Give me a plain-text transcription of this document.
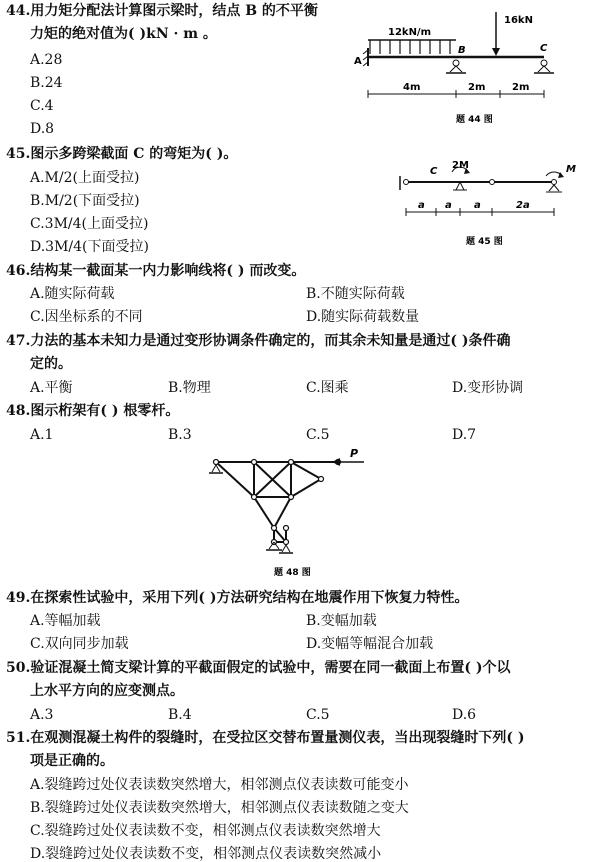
44.用力矩分配法计算图示梁时，结点 B 的不平衡
力矩的绝对值为( )kN · m 。
A.28
B.24
C.4
D.8
12kN/m
16kN
A
B	C
4m	2m	2m
题 44 图
45.图示多跨梁截面 C 的弯矩为( )。
A.M/2(上面受拉)
B.M/2(下面受拉)
C.3M/4(上面受拉)
D.3M/4(下面受拉)
C
2M	M
a a a	2a
题 45 图
46.结构某一截面某一内力影响线将( ) 而改变。
A.随实际荷载	B.不随实际荷载
C.因坐标系的不同	D.随实际荷载数量
47.力法的基本未知力是通过变形协调条件确定的，而其余未知量是通过( )条件确
定的。
A.平衡	B.物理	C.图乘	D.变形协调
48.图示桁架有( ) 根零杆。
A.1	B.3	C.5	D.7
P
题 48 图
49.在探索性试验中，采用下列( )方法研究结构在地震作用下恢复力特性。
A.等幅加载	B.变幅加载
C.双向同步加载	D.变幅等幅混合加载
50.验证混凝土简支梁计算的平截面假定的试验中，需要在同一截面上布置( )个以
上水平方向的应变测点。
A.3	B.4	C.5	D.6
51.在观测混凝土构件的裂缝时，在受拉区交替布置量测仪表，当出现裂缝时下列( )
项是正确的。
A.裂缝跨过处仪表读数突然增大，相邻测点仪表读数可能变小
B.裂缝跨过处仪表读数突然增大，相邻测点仪表读数随之变大
C.裂缝跨过处仪表读数不变，相邻测点仪表读数突然增大
D.裂缝跨过处仪表读数不变，相邻测点仪表读数突然减小
